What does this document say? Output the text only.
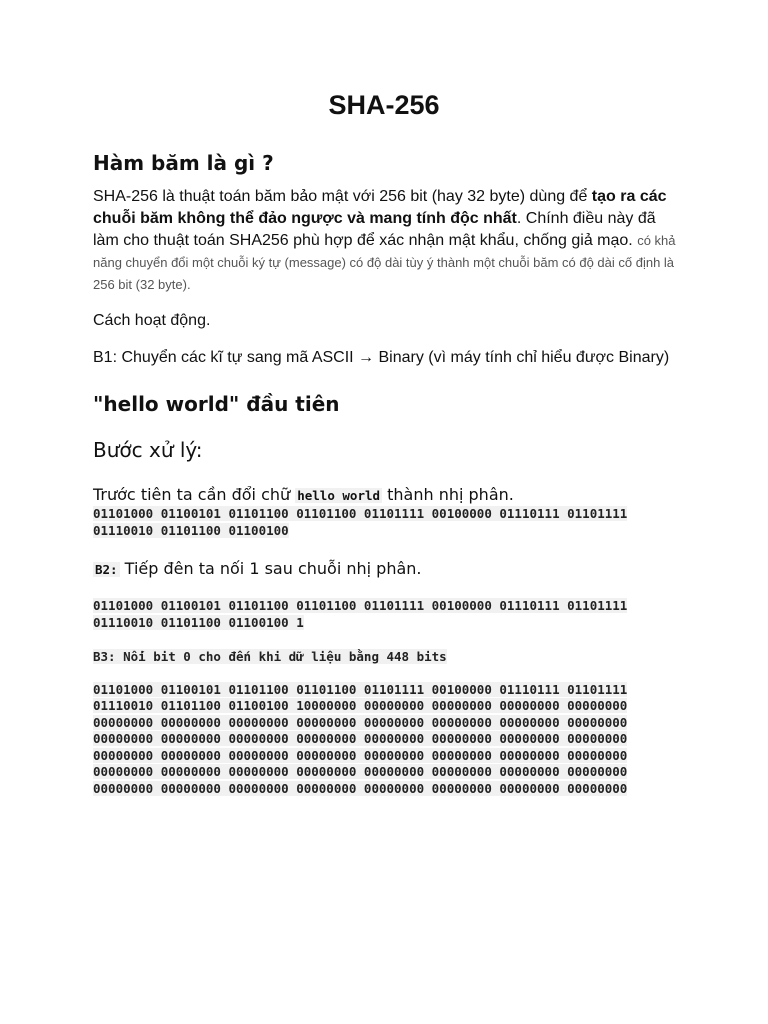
SHA-256
Hàm băm là gì ?

SHA-256 là thuật toán băm bảo mật với 256 bit (hay 32 byte) dùng để tạo ra các chuỗi băm không thể đảo ngược và mang tính độc nhất. Chính điều này đã làm cho thuật toán SHA256 phù hợp để xác nhận mật khẩu, chống giả mạo. có khả năng chuyển đổi một chuỗi ký tự (message) có độ dài tùy ý thành một chuỗi băm có độ dài cố định là 256 bit (32 byte).

Cách hoạt động.

B1: Chuyển các kĩ tự sang mã ASCII → Binary (vì máy tính chỉ hiểu được Binary)

"hello world" đầu tiên

Bước xử lý:

Trước tiên ta cần đổi chữ hello world thành nhị phân.

01101000 01100101 01101100 01101100 01101111 00100000 01110111 01101111
01110010 01101100 01100100

B2: Tiếp đên ta nối 1 sau chuỗi nhị phân.

01101000 01100101 01101100 01101100 01101111 00100000 01110111 01101111
01110010 01101100 01100100 1
B3: Nối bit 0 cho đến khi dữ liệu bằng 448 bits
01101000 01100101 01101100 01101100 01101111 00100000 01110111 01101111
01110010 01101100 01100100 10000000 00000000 00000000 00000000 00000000
00000000 00000000 00000000 00000000 00000000 00000000 00000000 00000000
00000000 00000000 00000000 00000000 00000000 00000000 00000000 00000000
00000000 00000000 00000000 00000000 00000000 00000000 00000000 00000000
00000000 00000000 00000000 00000000 00000000 00000000 00000000 00000000
00000000 00000000 00000000 00000000 00000000 00000000 00000000 00000000
